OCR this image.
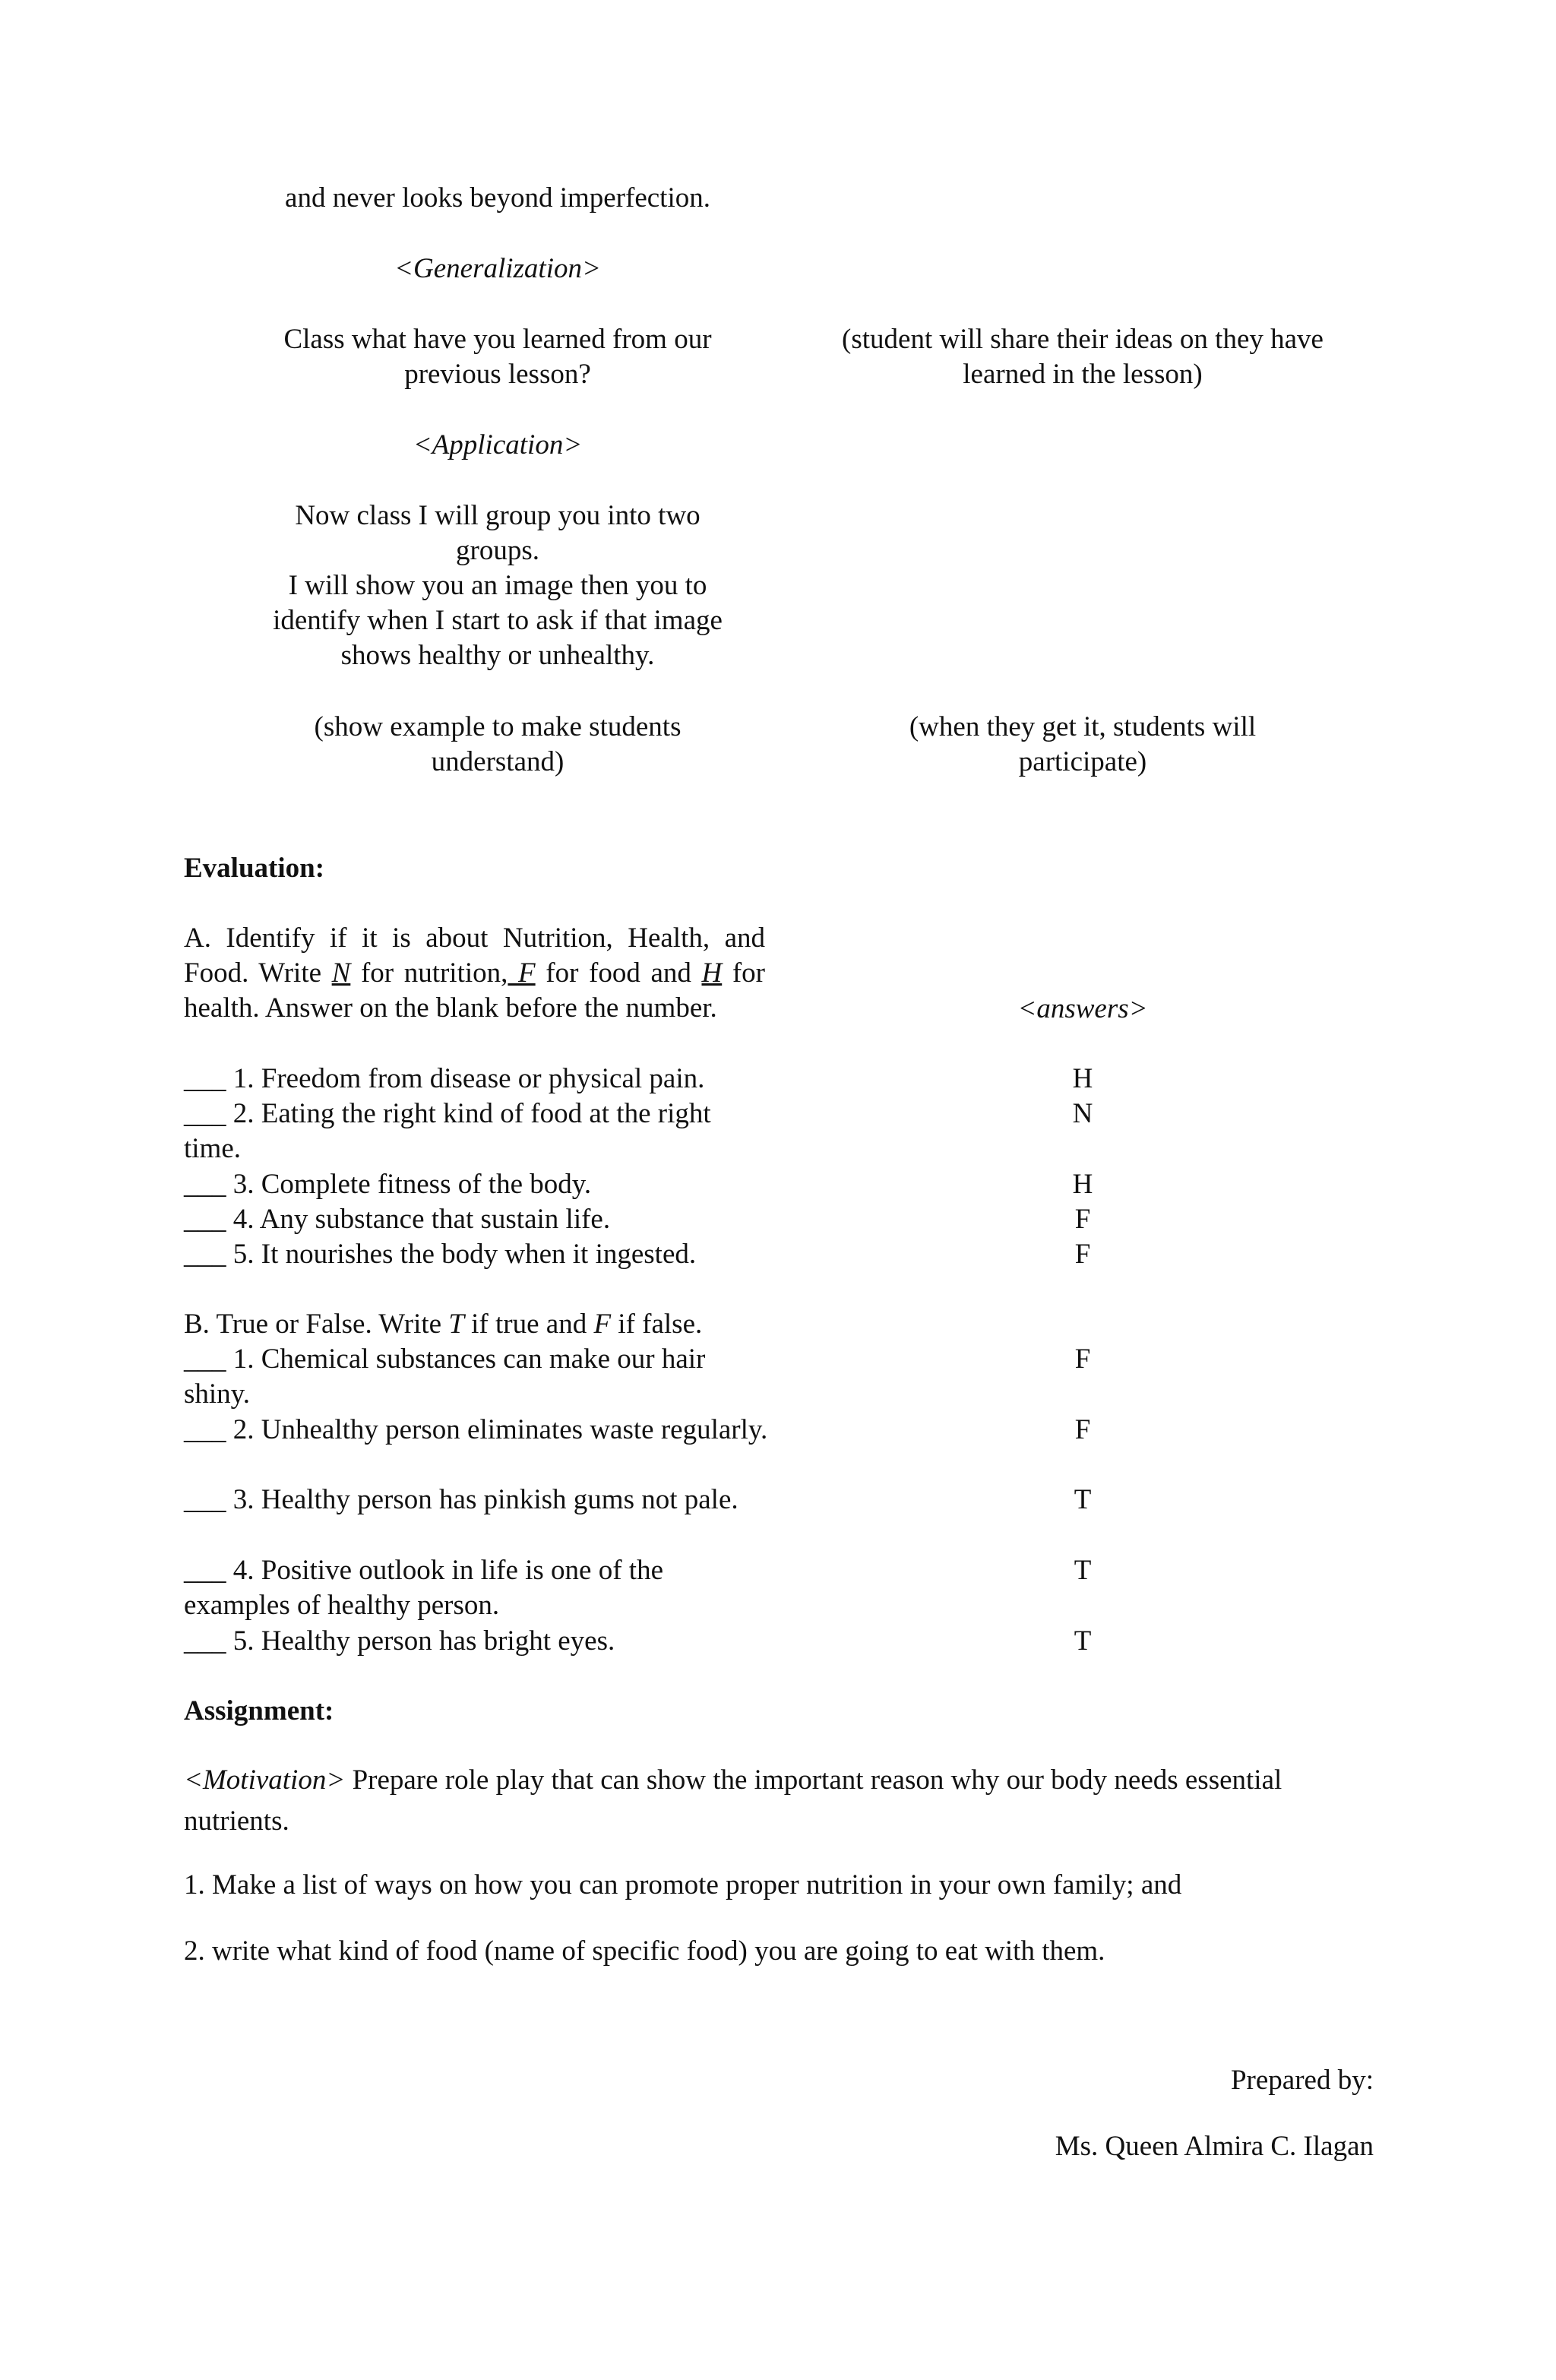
and never looks beyond imperfection.
<Generalization>
Class what have you learned from our previous lesson?
(student will share their ideas on they have learned in the lesson)
<Application>
Now class I will group you into two groups.
I will show you an image then you to identify when I start to ask if that image shows healthy or unhealthy.
(show example to make students understand)
(when they get it, students will participate)
Evaluation:
A. Identify if it is about Nutrition, Health, and Food. Write N for nutrition, F for food and H for health. Answer on the blank before the number.	<answers>
___ 1. Freedom from disease or physical pain.
___ 2. Eating the right kind of food at the right time.
___ 3. Complete fitness of the body.
___ 4. Any substance that sustain life.
___ 5. It nourishes the body when it ingested.
H
N
H
F
F
B. True or False. Write T if true and F if false.
___ 1. Chemical substances can make our hair shiny.
___ 2. Unhealthy person eliminates waste regularly.
___ 3. Healthy person has pinkish gums not pale.
___ 4. Positive outlook in life is one of the examples of healthy person.
___ 5. Healthy person has bright eyes.
F
F
T
T
T
Assignment:
<Motivation> Prepare role play that can show the important reason why our body needs essential nutrients.
1. Make a list of ways on how you can promote proper nutrition in your own family; and
2. write what kind of food (name of specific food) you are going to eat with them.
Prepared by:
Ms. Queen Almira C. Ilagan
